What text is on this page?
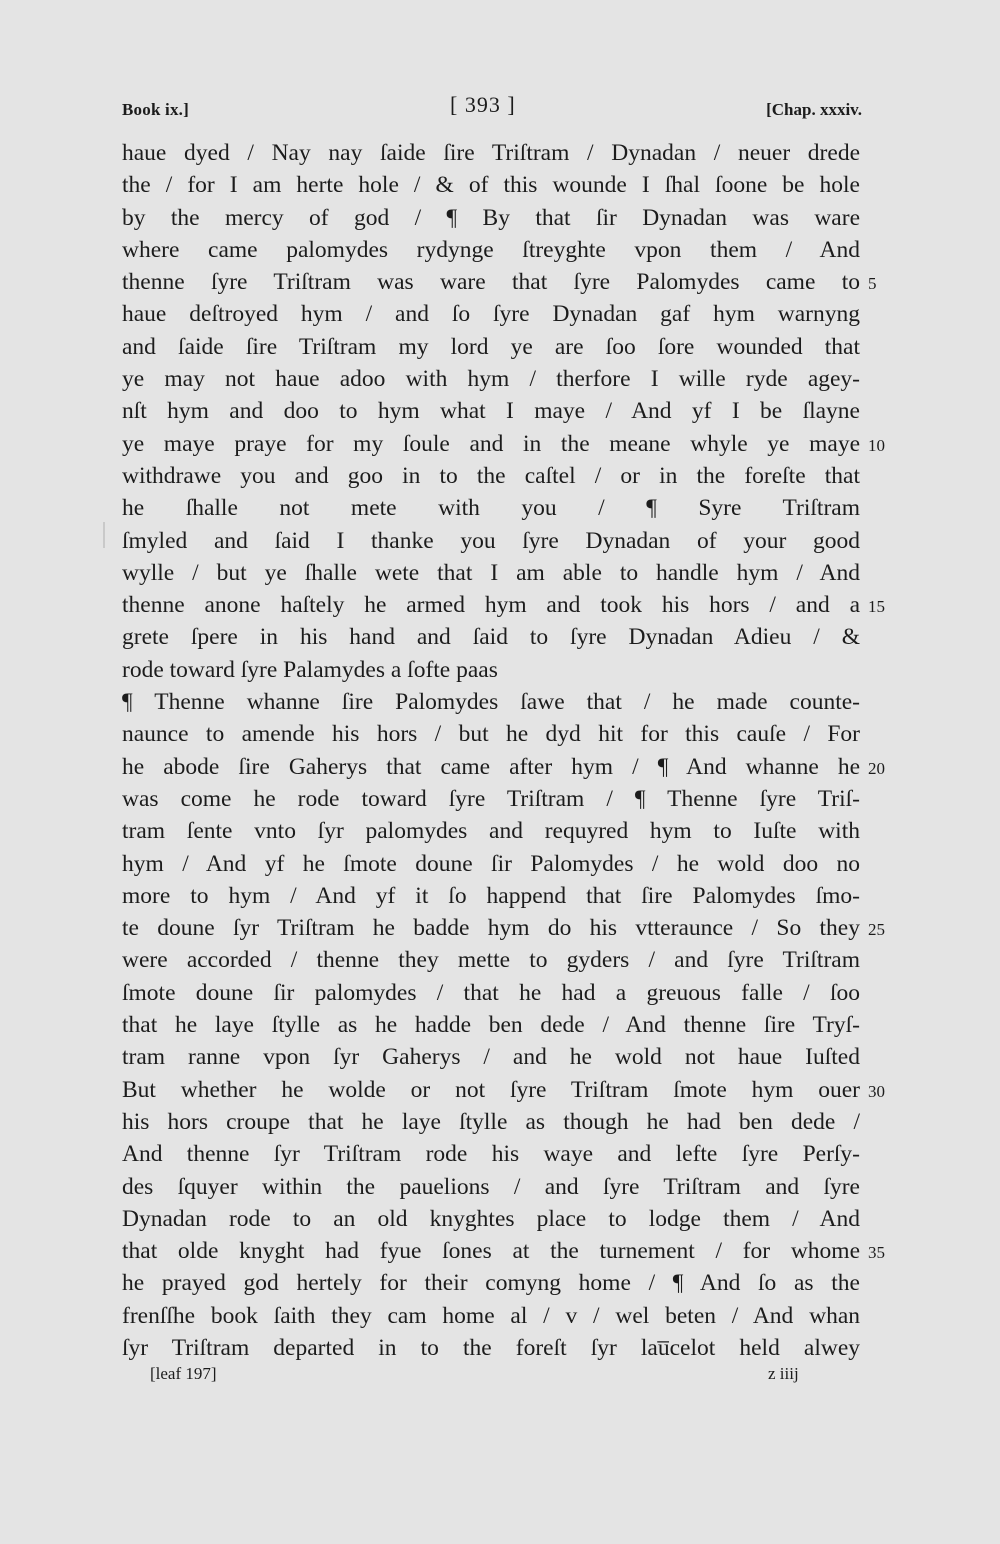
Book ix.]	[ 393 ]	[Chap. xxxiv.
haue dyed / Nay nay ſaide ſire Triſtram / Dynadan / neuer drede
the / for I am herte hole / & of this wounde I ſhal ſoone be hole
by the mercy of god / ¶ By that ſir Dynadan was ware
where came palomydes rydynge ſtreyghte vpon them / And
thenne ſyre Triſtram was ware that ſyre Palomydes came to 5
haue deſtroyed hym / and ſo ſyre Dynadan gaf hym warnyng
and ſaide ſire Triſtram my lord ye are ſoo ſore wounded that
ye may not haue adoo with hym / therfore I wille ryde agey-
nſt hym and doo to hym what I maye / And yf I be ſlayne
ye maye praye for my ſoule and in the meane whyle ye maye 10
withdrawe you and goo in to the caſtel / or in the foreſte that
he ſhalle not mete with you / ¶ Syre Triſtram
ſmyled and ſaid I thanke you ſyre Dynadan of your good
wylle / but ye ſhalle wete that I am able to handle hym / And
thenne anone haſtely he armed hym and took his hors / and a 15
grete ſpere in his hand and ſaid to ſyre Dynadan Adieu / &
rode toward ſyre Palamydes a ſofte paas
¶ Thenne whanne ſire Palomydes ſawe that / he made counte-
naunce to amende his hors / but he dyd hit for this cauſe / For
he abode ſire Gaherys that came after hym / ¶ And whanne he 20
was come he rode toward ſyre Triſtram / ¶ Thenne ſyre Triſ-
tram ſente vnto ſyr palomydes and requyred hym to Iuſte with
hym / And yf he ſmote doune ſir Palomydes / he wold doo no
more to hym / And yf it ſo happend that ſire Palomydes ſmo-
te doune ſyr Triſtram he badde hym do his vtteraunce / So they 25
were accorded / thenne they mette to gyders / and ſyre Triſtram
ſmote doune ſir palomydes / that he had a greuous falle / ſoo
that he laye ſtylle as he hadde ben dede / And thenne ſire Tryſ-
tram ranne vpon ſyr Gaherys / and he wold not haue Iuſted
But whether he wolde or not ſyre Triſtram ſmote hym ouer 30
his hors croupe that he laye ſtylle as though he had ben dede /
And thenne ſyr Triſtram rode his waye and lefte ſyre Perſy-
des ſquyer within the pauelions / and ſyre Triſtram and ſyre
Dynadan rode to an old knyghtes place to lodge them / And
that olde knyght had fyue ſones at the turnement / for whome 35
he prayed god hertely for their comyng home / ¶ And ſo as the
frenſſhe book ſaith they cam home al / v / wel beten / And whan
ſyr Triſtram departed in to the foreſt ſyr lau̅celot held alwey
[leaf 197]	z iiij
